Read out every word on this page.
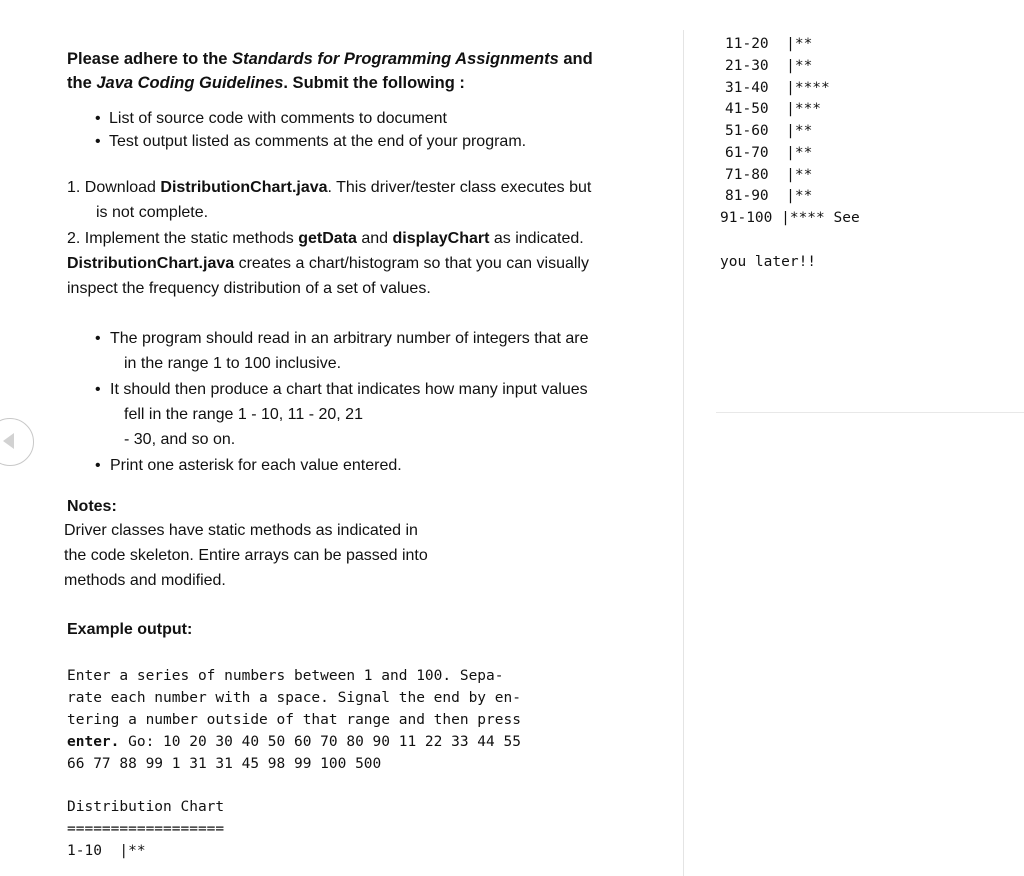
Please adhere to the Standards for Programming Assignments and
the Java Coding Guidelines. Submit the following :
• List of source code with comments to document
• Test output listed as comments at the end of your program.
1. Download DistributionChart.java. This driver/tester class executes but
is not complete.
2. Implement the static methods getData and displayChart as indicated.
DistributionChart.java creates a chart/histogram so that you can visually
inspect the frequency distribution of a set of values.
• The program should read in an arbitrary number of integers that are
in the range 1 to 100 inclusive.
• It should then produce a chart that indicates how many input values
fell in the range 1 - 10, 11 - 20, 21
- 30, and so on.
• Print one asterisk for each value entered.
Notes:
Driver classes have static methods as indicated in
the code skeleton. Entire arrays can be passed into
methods and modified.
Example output:
Enter a series of numbers between 1 and 100. Sepa-
rate each number with a space. Signal the end by en-
tering a number outside of that range and then press
enter. Go: 10 20 30 40 50 60 70 80 90 11 22 33 44 55
66 77 88 99 1 31 31 45 98 99 100 500
Distribution Chart
==================
1-10  |**
11-20  |**
21-30  |**
31-40  |****
41-50  |***
51-60  |**
61-70  |**
71-80  |**
81-90  |**
91-100 |**** See
you later!!
